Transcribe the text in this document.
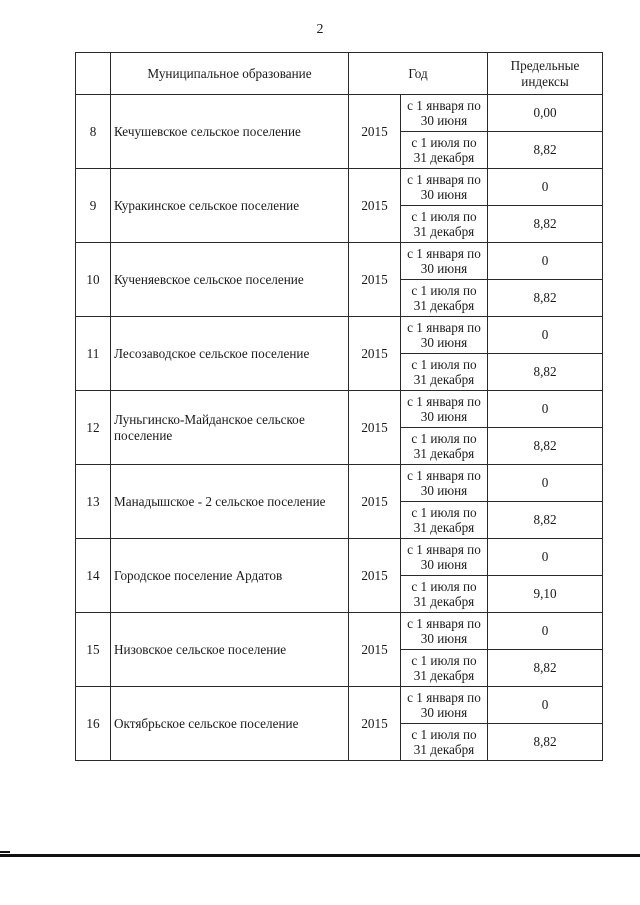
2
	Муниципальное образование	Год		Предельные индексы
8	Кечушевское сельское поселение	2015	с 1 января по 30 июня	0,00
			с 1 июля по 31 декабря	8,82
9	Куракинское сельское поселение	2015	с 1 января по 30 июня	0
			с 1 июля по 31 декабря	8,82
10	Кученяевское сельское поселение	2015	с 1 января по 30 июня	0
			с 1 июля по 31 декабря	8,82
11	Лесозаводское сельское поселение	2015	с 1 января по 30 июня	0
			с 1 июля по 31 декабря	8,82
12	Луньгинско-Майданское сельское поселение	2015	с 1 января по 30 июня	0
			с 1 июля по 31 декабря	8,82
13	Манадышское - 2 сельское поселение	2015	с 1 января по 30 июня	0
			с 1 июля по 31 декабря	8,82
14	Городское поселение Ардатов	2015	с 1 января по 30 июня	0
			с 1 июля по 31 декабря	9,10
15	Низовское сельское поселение	2015	с 1 января по 30 июня	0
			с 1 июля по 31 декабря	8,82
16	Октябрьское сельское поселение	2015	с 1 января по 30 июня	0
			с 1 июля по 31 декабря	8,82
